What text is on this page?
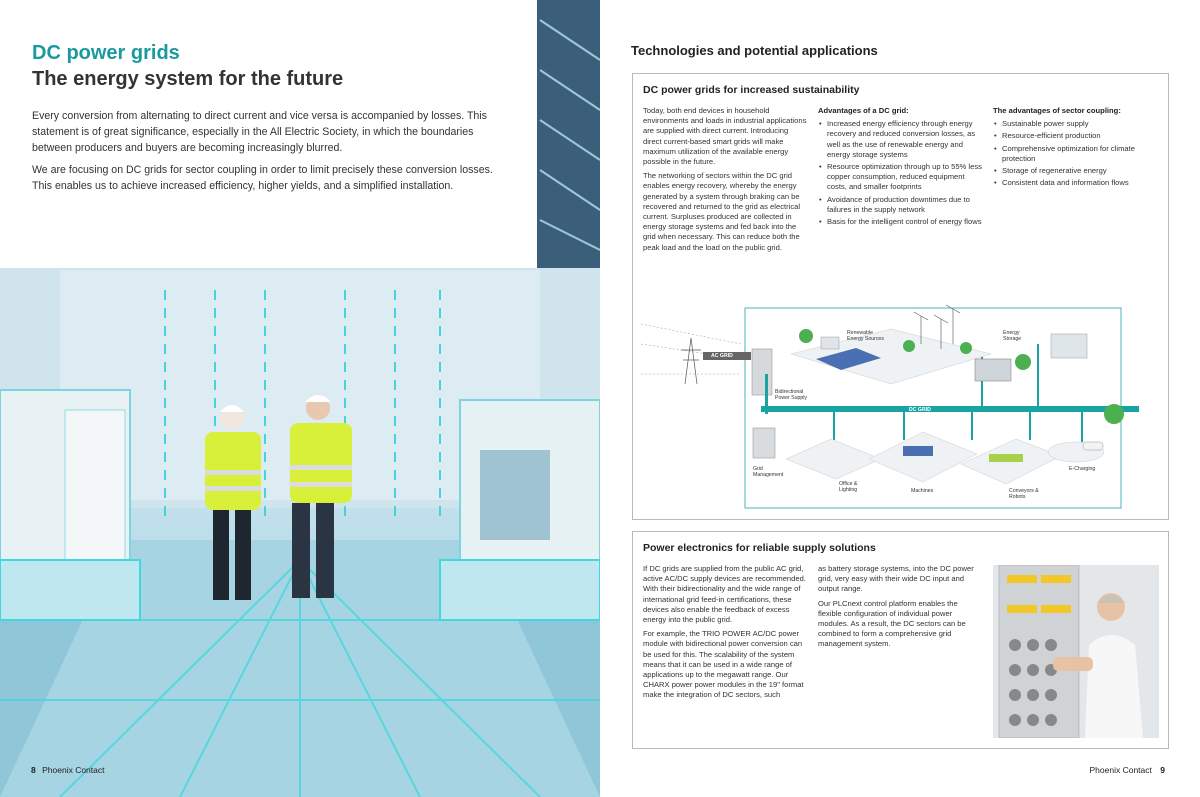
DC power grids
The energy system for the future

Every conversion from alternating to direct current and vice versa is accompanied by losses. This statement is of great significance, especially in the All Electric Society, in which the boundaries between producers and buyers are becoming increasingly blurred.

We are focusing on DC grids for sector coupling in order to limit precisely these conversion losses. This enables us to achieve increased efficiency, higher yields, and a simplified installation.

8 Phoenix Contact
Technologies and potential applications
DC power grids for increased sustainability

Today, both end devices in household environments and loads in industrial applications are supplied with direct current. Introducing direct current-based smart grids will make maximum utilization of the available energy possible in the future.

The networking of sectors within the DC grid enables energy recovery, whereby the energy generated by a system through braking can be recovered and returned to the grid as electrical current. Surpluses produced are collected in energy storage systems and fed back into the grid when necessary. This can reduce both the peak load and the load on the public grid.

Advantages of a DC grid:
• Increased energy efficiency through energy recovery and reduced conversion losses, as well as the use of renewable energy and energy storage systems
• Resource optimization through up to 55% less copper consumption, reduced equipment costs, and smaller footprints
• Avoidance of production downtimes due to failures in the supply network
• Basis for the intelligent control of energy flows
The advantages of sector coupling:
• Sustainable power supply
• Resource-efficient production
• Comprehensive optimization for climate protection
• Storage of regenerative energy
• Consistent data and information flows
AC GRID
DC GRID
Renewable Energy Sources
Energy Storage
Bidirectional Power Supply
Grid Management
Office & Lighting	Machines	Conveyors & Robots
E-Charging
Power electronics for reliable supply solutions

If DC grids are supplied from the public AC grid, active AC/DC supply devices are recommended. With their bidirectionality and the wide range of international grid feed-in certifications, these devices also enable the feedback of excess energy into the public grid.

For example, the TRIO POWER AC/DC power module with bidirectional power conversion can be used for this. The scalability of the system means that it can be used in a wide range of applications up to the megawatt range. Our CHARX power power modules in the 19" format make the integration of DC sectors, such

as battery storage systems, into the DC power grid, very easy with their wide DC input and output range.

Our PLCnext control platform enables the flexible configuration of individual power modules. As a result, the DC sectors can be combined to form a comprehensive grid management system.

Phoenix Contact 9
